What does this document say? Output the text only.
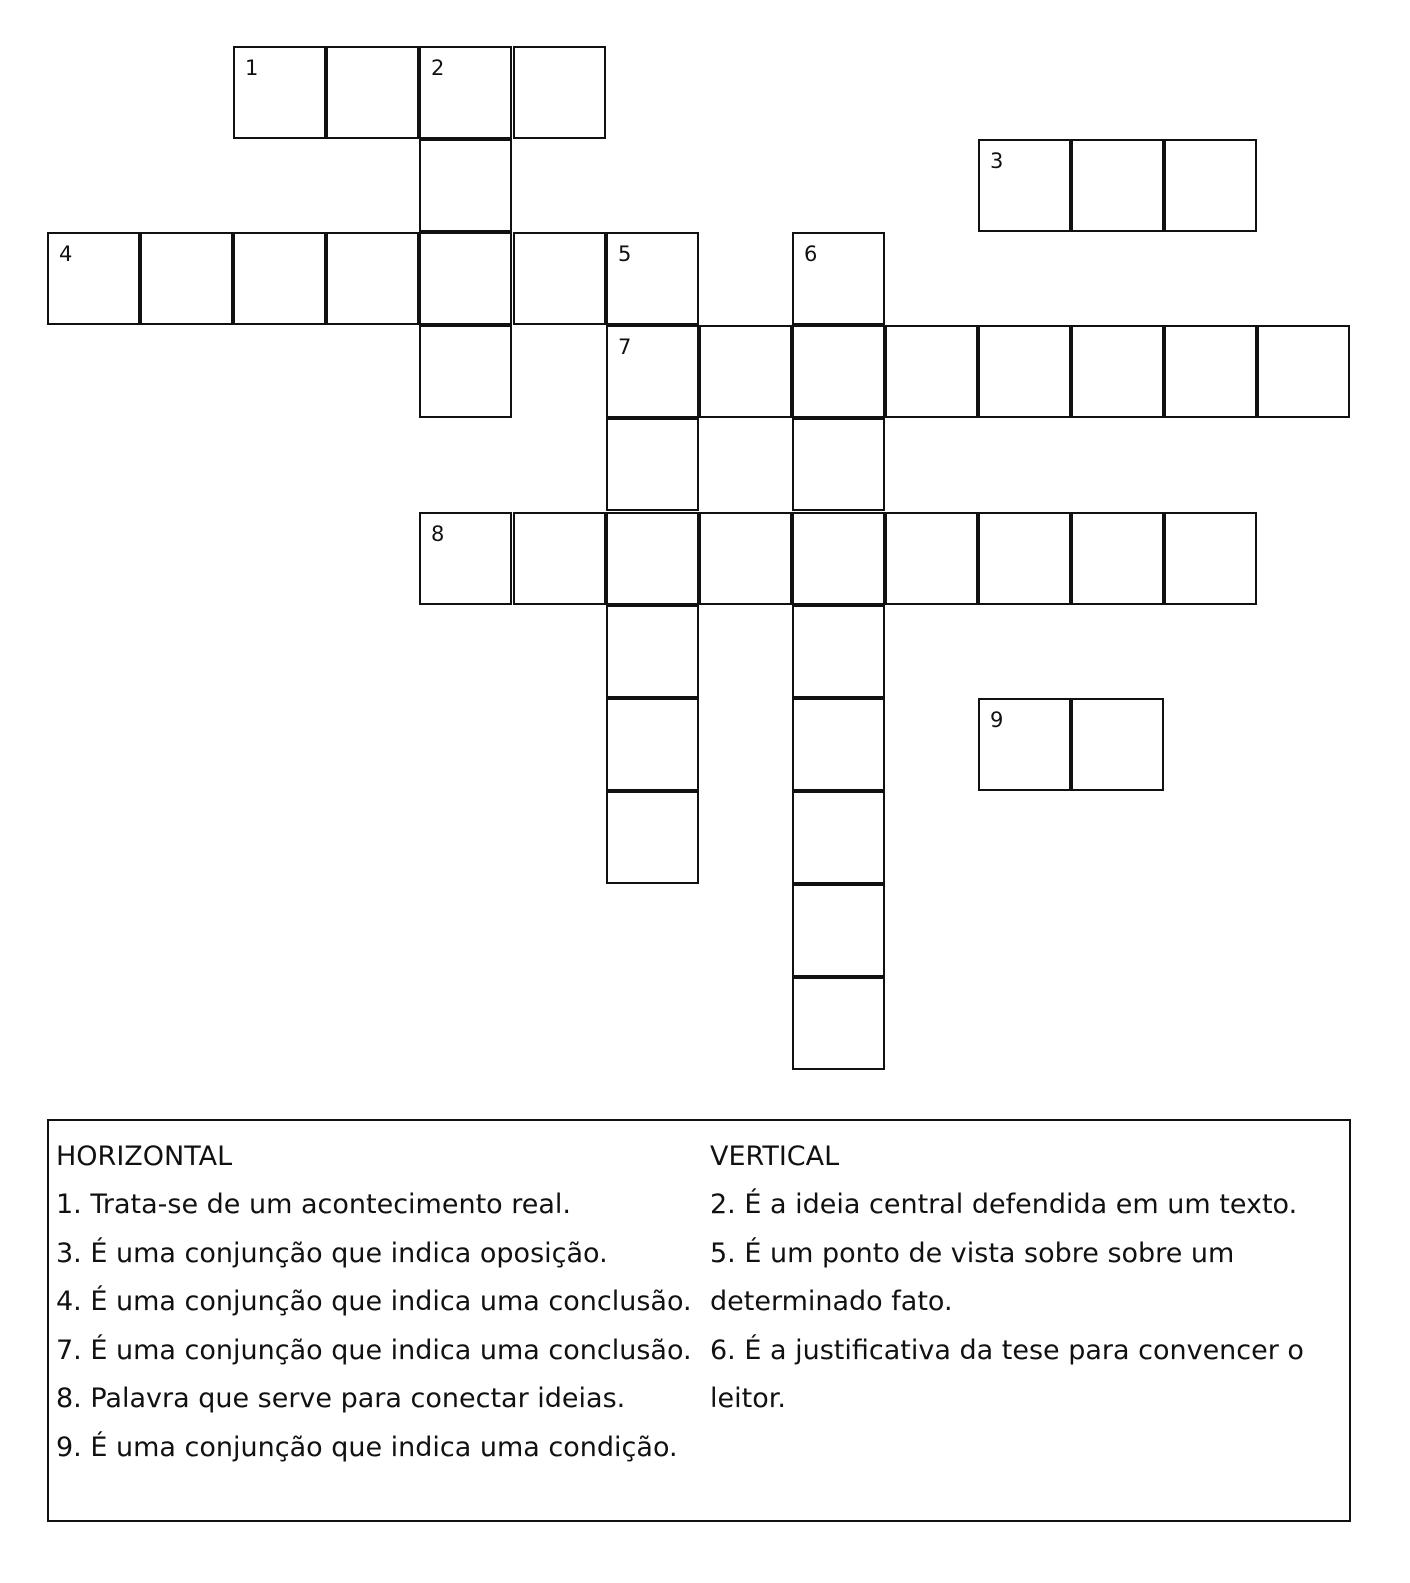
1	2
3
4	5	6
7
8
9
HORIZONTAL
1. Trata-se de um acontecimento real.
3. É uma conjunção que indica oposição.
4. É uma conjunção que indica uma conclusão.
7. É uma conjunção que indica uma conclusão.
8. Palavra que serve para conectar ideias.
9. É uma conjunção que indica uma condição.
VERTICAL
2. É a ideia central defendida em um texto.
5. É um ponto de vista sobre sobre um
determinado fato.
6. É a justificativa da tese para convencer o
leitor.
